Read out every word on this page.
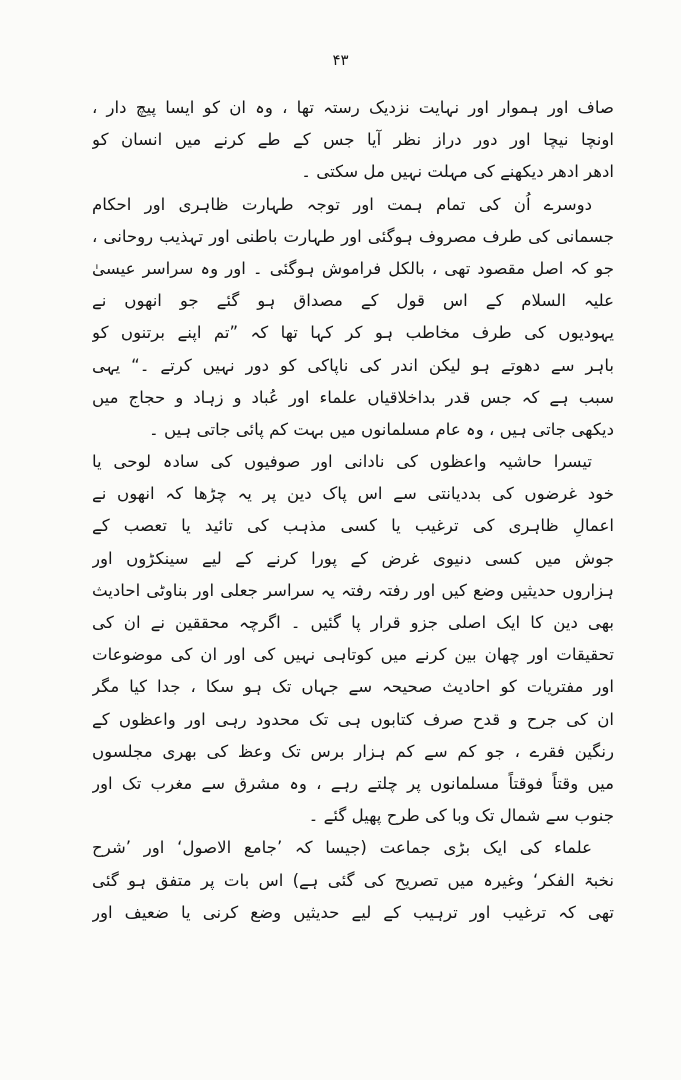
۴۳
صاف اور ہموار اور نہایت نزدیک رستہ تھا ، وہ ان کو ایسا پیچ دار ،
اونچا نیچا اور دور دراز نظر آیا جس کے طے کرنے میں انسان کو
ادھر ادھر دیکھنے کی مہلت نہیں مل سکتی ۔
دوسرے اُن کی تمام ہمت اور توجہ طہارت ظاہری اور احکام
جسمانی کی طرف مصروف ہوگئی اور طہارت باطنی اور تہذیب روحانی ،
جو کہ اصل مقصود تھی ، بالکل فراموش ہوگئی ۔ اور وہ سراسر عیسیٰ
علیہ السلام کے اس قول کے مصداق ہو گئے جو انھوں نے
یہودیوں کی طرف مخاطب ہو کر کہا تھا کہ ”تم اپنے برتنوں کو
باہر سے دھوتے ہو لیکن اندر کی ناپاکی کو دور نہیں کرتے ۔“ یہی
سبب ہے کہ جس قدر بداخلاقیاں علماء اور عُباد و زہاد و حجاج میں
دیکھی جاتی ہیں ، وہ عام مسلمانوں میں بہت کم پائی جاتی ہیں ۔
تیسرا حاشیہ واعظوں کی نادانی اور صوفیوں کی سادہ لوحی یا
خود غرضوں کی بددیانتی سے اس پاک دین پر یہ چڑھا کہ انھوں نے
اعمالِ ظاہری کی ترغیب یا کسی مذہب کی تائید یا تعصب کے
جوش میں کسی دنیوی غرض کے پورا کرنے کے لیے سینکڑوں اور
ہزاروں حدیثیں وضع کیں اور رفتہ رفتہ یہ سراسر جعلی اور بناوٹی احادیث
بھی دین کا ایک اصلی جزو قرار پا گئیں ۔ اگرچہ محققین نے ان کی
تحقیقات اور چھان بین کرنے میں کوتاہی نہیں کی اور ان کی موضوعات
اور مفتریات کو احادیث صحیحہ سے جہاں تک ہو سکا ، جدا کیا مگر
ان کی جرح و قدح صرف کتابوں ہی تک محدود رہی اور واعظوں کے
رنگین فقرے ، جو کم سے کم ہزار برس تک وعظ کی بھری مجلسوں
میں وقتاً فوقتاً مسلمانوں پر چلتے رہے ، وہ مشرق سے مغرب تک اور
جنوب سے شمال تک وبا کی طرح پھیل گئے ۔
علماء کی ایک بڑی جماعت (جیسا کہ ’جامع الاصول‘ اور ’شرح
نخبۃ الفکر‘ وغیرہ میں تصریح کی گئی ہے) اس بات پر متفق ہو گئی
تھی کہ ترغیب اور ترہیب کے لیے حدیثیں وضع کرنی یا ضعیف اور
